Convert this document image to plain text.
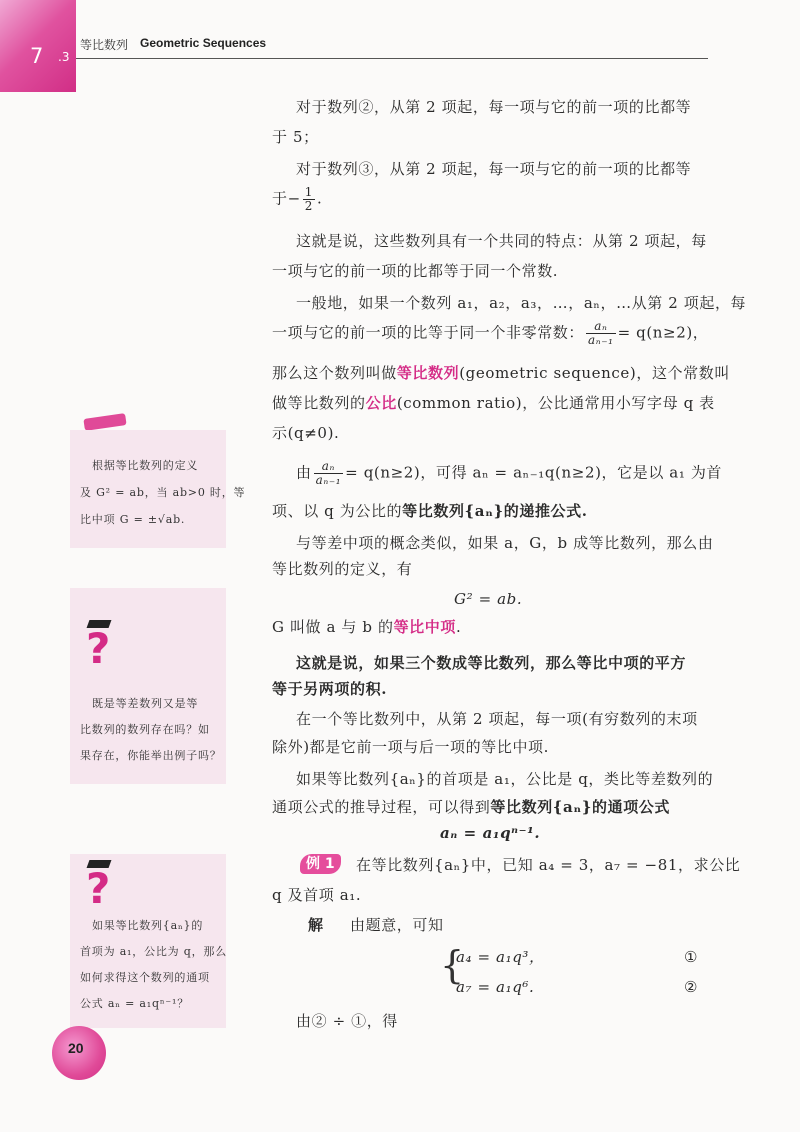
7 .3
等比数列 Geometric Sequences
对于数列②，从第 2 项起，每一项与它的前一项的比都等
于 5；
对于数列③，从第 2 项起，每一项与它的前一项的比都等
于− $\frac{1}{2}$ .
这就是说，这些数列具有一个共同的特点：从第 2 项起，每
一项与它的前一项的比都等于同一个常数.
一般地，如果一个数列 a₁，a₂，a₃，…，aₙ，…从第 2 项起，每
一项与它的前一项的比等于同一个非零常数： $\frac{\text{aₙ}}{\text{aₙ₋₁}} = q(n\ge 2)$，
那么这个数列叫做等比数列(geometric sequence)，这个常数叫
做等比数列的公比(common ratio)，公比通常用小写字母 q 表
示(q≠0).
由 $\frac{\text{aₙ}}{\text{aₙ₋₁}} = q(n\ge 2)$，可得 aₙ = aₙ₋₁q(n≥2)，它是以 a₁ 为首
项、以 q 为公比的等比数列{aₙ}的递推公式.
与等差中项的概念类似，如果 a，G，b 成等比数列，那么由
等比数列的定义，有
G² = ab.
G 叫做 a 与 b 的等比中项.
这就是说，如果三个数成等比数列，那么等比中项的平方
等于另两项的积.
在一个等比数列中，从第 2 项起，每一项(有穷数列的末项
除外)都是它前一项与后一项的等比中项.
如果等比数列{aₙ}的首项是 a₁，公比是 q，类比等差数列的
通项公式的推导过程，可以得到等比数列{aₙ}的通项公式
aₙ = a₁qⁿ⁻¹.
例 1	在等比数列{aₙ}中，已知 a₄ = 3，a₇ = −81，求公比
q 及首项 a₁.
解 由题意，可知
{
a₄ = a₁q³，	①
a₇ = a₁q⁶.	②
由② ÷ ①，得
根据等比数列的定义
及 G² = ab，当 ab>0 时，等
比中项 G = ±√ab.
?
既是等差数列又是等
比数列的数列存在吗？如
果存在，你能举出例子吗？
?
如果等比数列{aₙ}的
首项为 a₁，公比为 q，那么
如何求得这个数列的通项
公式 aₙ = a₁qⁿ⁻¹？
20
